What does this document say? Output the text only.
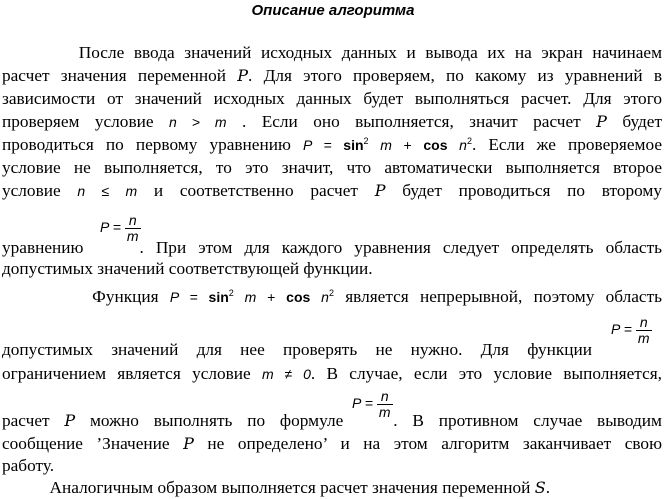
Описание алгоритма
После ввода значений исходных данных и вывода их на экран начинаем
расчет значения переменной P. Для этого проверяем, по какому из уравнений в
зависимости от значений исходных данных будет выполняться расчет. Для этого
проверяем условие n > m . Если оно выполняется, значит расчет P будет
проводиться по первому уравнению $P = \sin^2 m + \cos n^2$. Если же проверяемое
условие не выполняется, то это значит, что автоматически выполняется второе
условие n ≤ m и соответственно расчет P будет проводиться по второму
$P = \frac{n}{m}$
уравнению	. При этом для каждого уравнения следует определять область
допустимых значений соответствующей функции.
Функция $P = \sin^2 m + \cos n^2$ является непрерывной, поэтому область
$P = \frac{n}{m}$
допустимых значений для нее проверять не нужно. Для функции
ограничением является условие m ≠ 0. В случае, если это условие выполняется,
$P = \frac{n}{m}$
расчет P можно выполнять по формуле	. В противном случае выводим
сообщение ’Значение P не определено’ и на этом алгоритм заканчивает свою
работу.
Аналогичным образом выполняется расчет значения переменной S.
